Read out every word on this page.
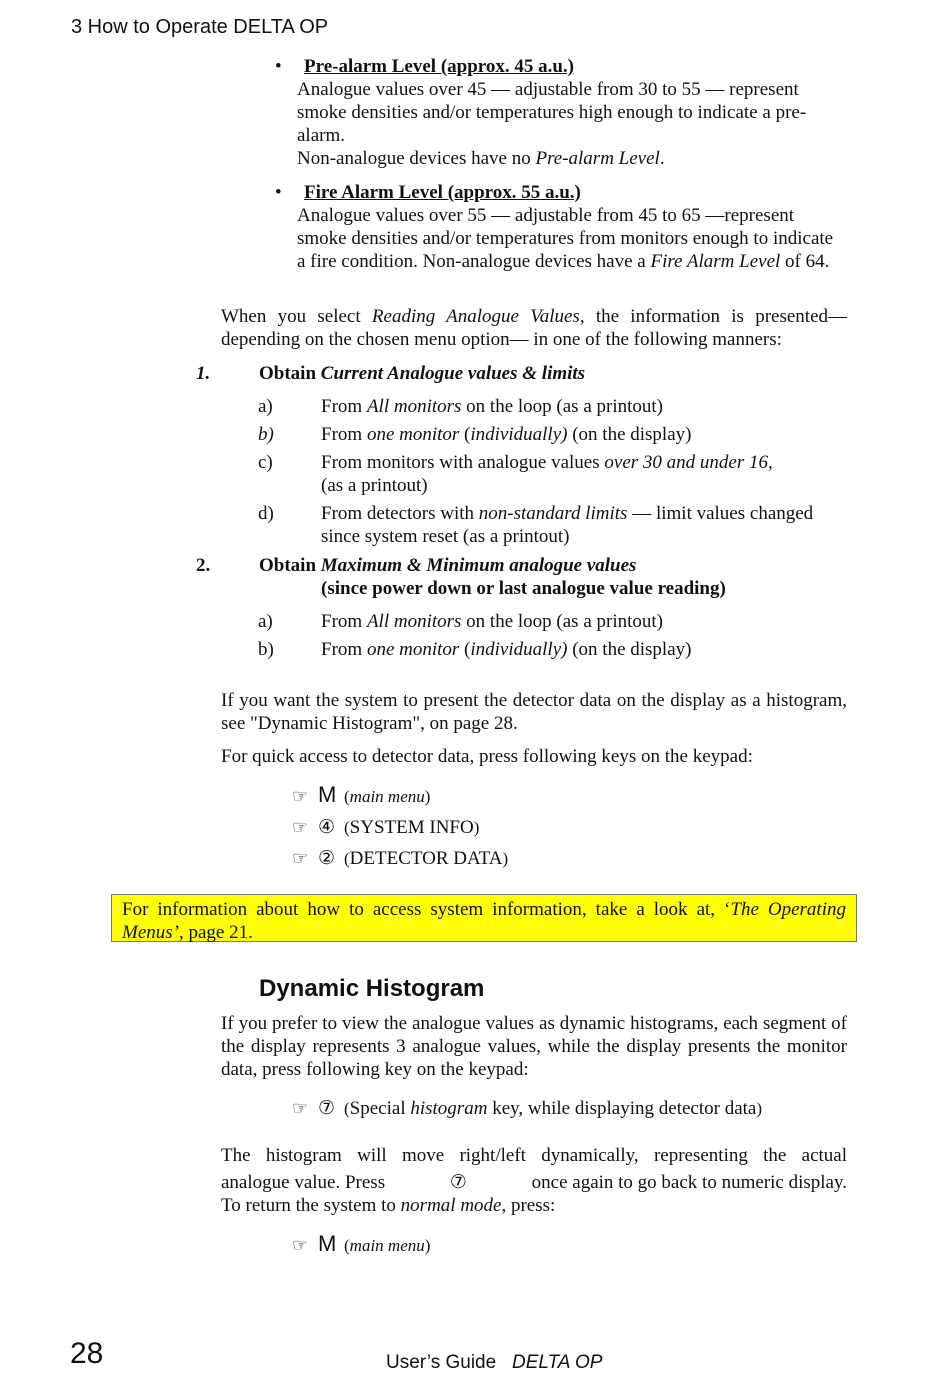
3 How to Operate DELTA OP
•	Pre-alarm Level (approx. 45 a.u.)
Analogue values over 45 — adjustable from 30 to 55 — represent
smoke densities and/or temperatures high enough to indicate a pre-
alarm.
Non-analogue devices have no Pre-alarm Level.
•	Fire Alarm Level (approx. 55 a.u.)
Analogue values over 55 — adjustable from 45 to 65 —represent
smoke densities and/or temperatures from monitors enough to indicate
a fire condition. Non-analogue devices have a Fire Alarm Level of 64.
When you select Reading Analogue Values, the information is presented— depending on the chosen menu option— in one of the following manners:
1.	Obtain Current Analogue values & limits
a)	From All monitors on the loop (as a printout)
b) From one monitor (individually) (on the display)
c)	From monitors with analogue values over 30 and under 16,
(as a printout)
d) From detectors with non-standard limits — limit values changed
since system reset (as a printout)
2.	Obtain Maximum & Minimum analogue values
(since power down or last analogue value reading)
a)	From All monitors on the loop (as a printout)
b) From one monitor (individually) (on the display)
If you want the system to present the detector data on the display as a histogram, see "Dynamic Histogram", on page 28.
For quick access to detector data, press following keys on the keypad:
☞ M (main menu)
☞ ④ (SYSTEM INFO)
☞ ② (DETECTOR DATA)
For information about how to access system information, take a look at, ‘The Operating Menus’, page 21.
Dynamic Histogram
If you prefer to view the analogue values as dynamic histograms, each segment of the display represents 3 analogue values, while the display presents the monitor data, press following key on the keypad:
☞ ⑦ (Special histogram key, while displaying detector data)
The histogram will move right/left dynamically, representing the actual
analogue value. Press	⑦	once again to go back to numeric display.
To return the system to normal mode, press:
☞ M (main menu)
28	User’s Guide DELTA OP
